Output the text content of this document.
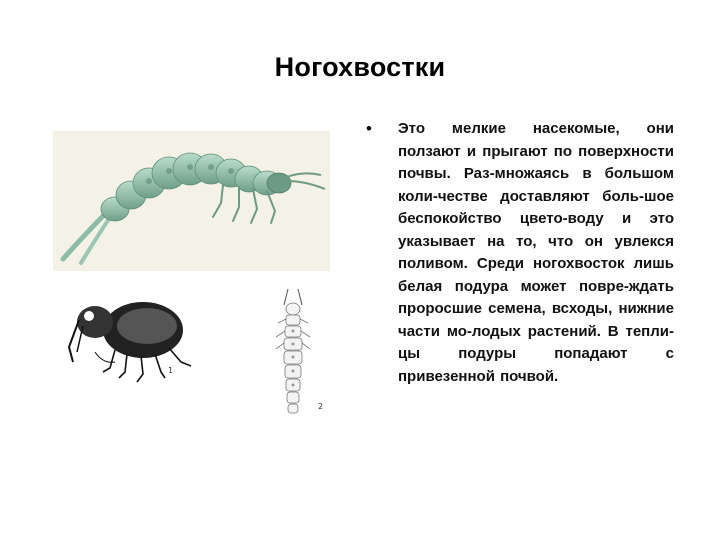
Ногохвостки
1
2
• Это мелкие насекомые, они ползают и прыгают по поверхности почвы. Раз-множаясь в большом коли-честве доставляют боль-шое беспокойство цвето-воду и это указывает на то, что он увлекся поливом. Среди ногохвосток лишь белая подура может повре-ждать проросшие семена, всходы, нижние части мо-лодых растений. В тепли-цы подуры попадают с привезенной почвой.
